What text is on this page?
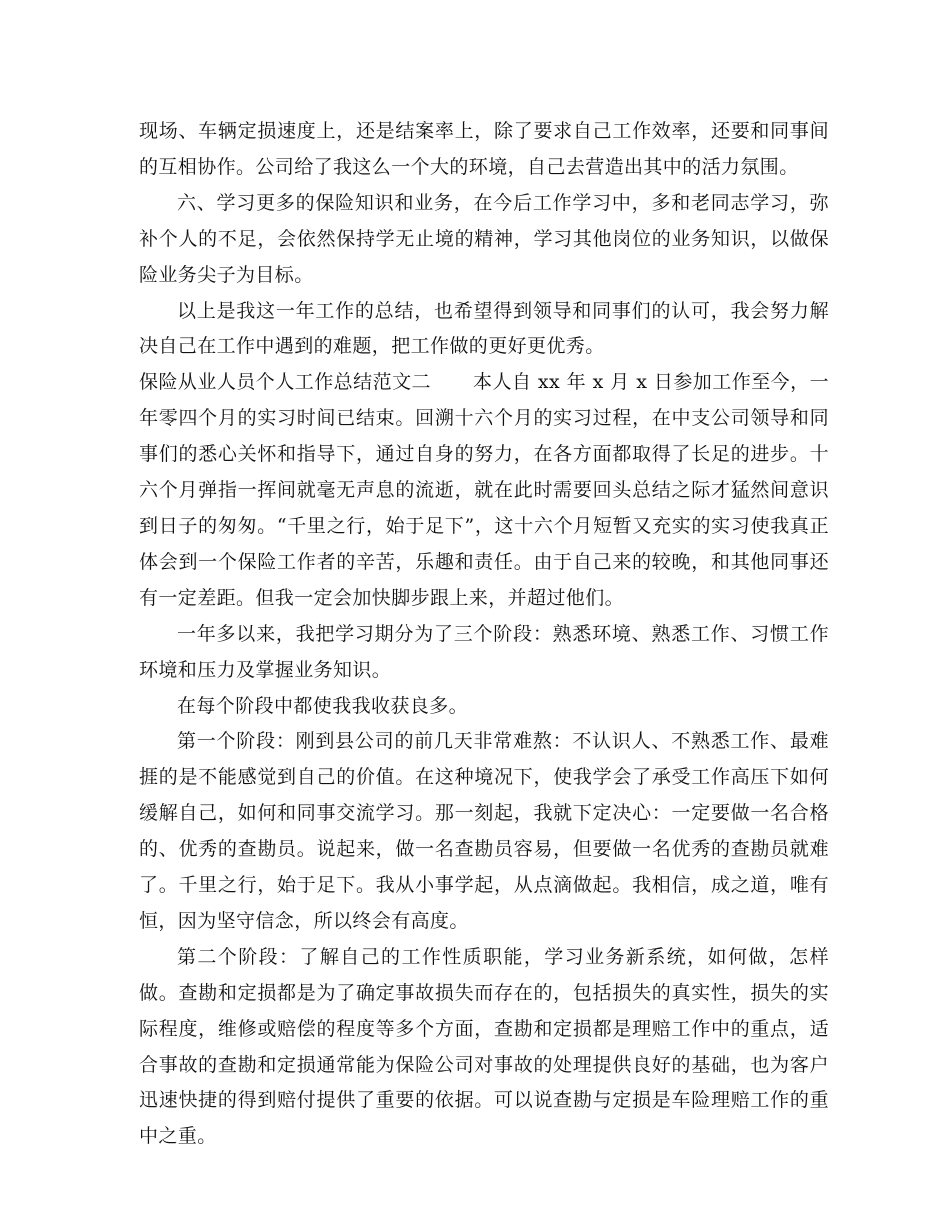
现场、车辆定损速度上，还是结案率上，除了要求自己工作效率，还要和同事间的互相协作。公司给了我这么一个大的环境，自己去营造出其中的活力氛围。

六、学习更多的保险知识和业务，在今后工作学习中，多和老同志学习，弥补个人的不足，会依然保持学无止境的精神，学习其他岗位的业务知识，以做保险业务尖子为目标。

以上是我这一年工作的总结，也希望得到领导和同事们的认可，我会努力解决自己在工作中遇到的难题，把工作做的更好更优秀。

保险从业人员个人工作总结范文二 本人自 xx 年 x 月 x 日参加工作至今，一年零四个月的实习时间已结束。回溯十六个月的实习过程，在中支公司领导和同事们的悉心关怀和指导下，通过自身的努力，在各方面都取得了长足的进步。十六个月弹指一挥间就毫无声息的流逝，就在此时需要回头总结之际才猛然间意识到日子的匆匆。“千里之行，始于足下”，这十六个月短暂又充实的实习使我真正体会到一个保险工作者的辛苦，乐趣和责任。由于自己来的较晚，和其他同事还有一定差距。但我一定会加快脚步跟上来，并超过他们。

一年多以来，我把学习期分为了三个阶段：熟悉环境、熟悉工作、习惯工作环境和压力及掌握业务知识。

在每个阶段中都使我我收获良多。

第一个阶段：刚到县公司的前几天非常难熬：不认识人、不熟悉工作、最难捱的是不能感觉到自己的价值。在这种境况下，使我学会了承受工作高压下如何缓解自己，如何和同事交流学习。那一刻起，我就下定决心：一定要做一名合格的、优秀的查勘员。说起来，做一名查勘员容易，但要做一名优秀的查勘员就难了。千里之行，始于足下。我从小事学起，从点滴做起。我相信，成之道，唯有恒，因为坚守信念，所以终会有高度。

第二个阶段：了解自己的工作性质职能，学习业务新系统，如何做，怎样做。查勘和定损都是为了确定事故损失而存在的，包括损失的真实性，损失的实际程度，维修或赔偿的程度等多个方面，查勘和定损都是理赔工作中的重点，适合事故的查勘和定损通常能为保险公司对事故的处理提供良好的基础，也为客户迅速快捷的得到赔付提供了重要的依据。可以说查勘与定损是车险理赔工作的重中之重。
